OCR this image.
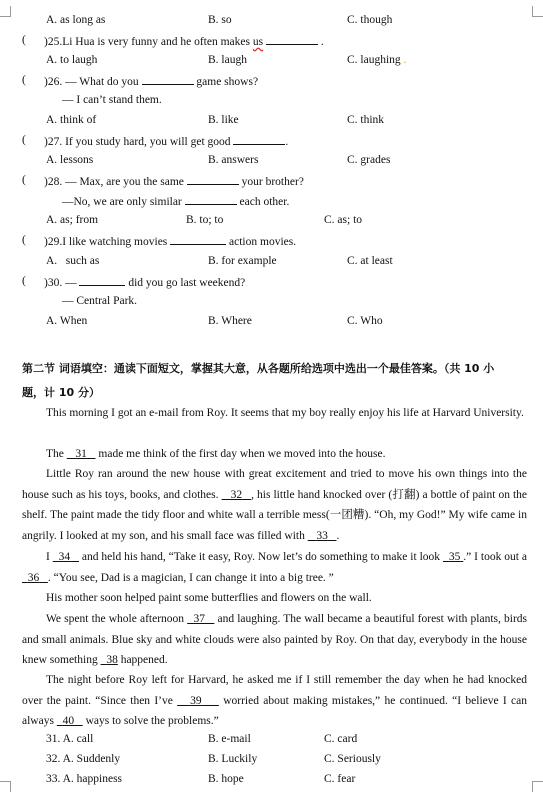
A. as long as	B. so	C. though
( )25.Li Hua is very funny and he often makes us	.
A. to laugh	B. laugh	C. laughing .
( )26. — What do you	game shows?
— I can’t stand them.
A. think of	B. like	C. think
( )27. If you study hard, you will get good	.
A. lessons	B. answers	C. grades
( )28. — Max, are you the same	your brother?
—No, we are only similar	each other.
A. as; from	B. to; to	C. as; to
( )29.I like watching movies	action movies.
A.   such as	B. for example	C. at least
( )30. —	did you go last weekend?
— Central Park.
A. When	B. Where	C. Who
第二节 词语填空：通读下面短文，掌握其大意，从各题所给选项中选出一个最佳答案。（共 10 小
题，计 10 分）
This morning I got an e-mail from Roy. It seems that my boy really enjoy his life at Harvard University.
The 31 made me think of the first day when we moved into the house.
Little Roy ran around the new house with great excitement and tried to move his own things into the house such as his toys, books, and clothes. 32 , his little hand knocked over (打翻) a bottle of paint on the shelf. The paint made the tidy floor and white wall a terrible mess(一团糟). “Oh, my God!” My wife came in angrily. I looked at my son, and his small face was filled with 33 .
I 34 and held his hand, “Take it easy, Roy. Now let’s do something to make it look 35 .” I took out a   36 . “You see, Dad is a magician, I can change it into a big tree. ”
His mother soon helped paint some butterflies and flowers on the wall.
We spent the whole afternoon 37 and laughing. The wall became a beautiful forest with plants, birds and small animals. Blue sky and white clouds were also painted by Roy. On that day, everybody in the house knew something 38 happened.
The night before Roy left for Harvard, he asked me if I still remember the day when he had knocked over the paint. “Since then I’ve 39 worried about making mistakes,” he continued. “I believe I can always 40 ways to solve the problems.”
31. A. call	B. e-mail	C. card
32. A. Suddenly	B. Luckily	C. Seriously
33. A. happiness	B. hope	C. fear
